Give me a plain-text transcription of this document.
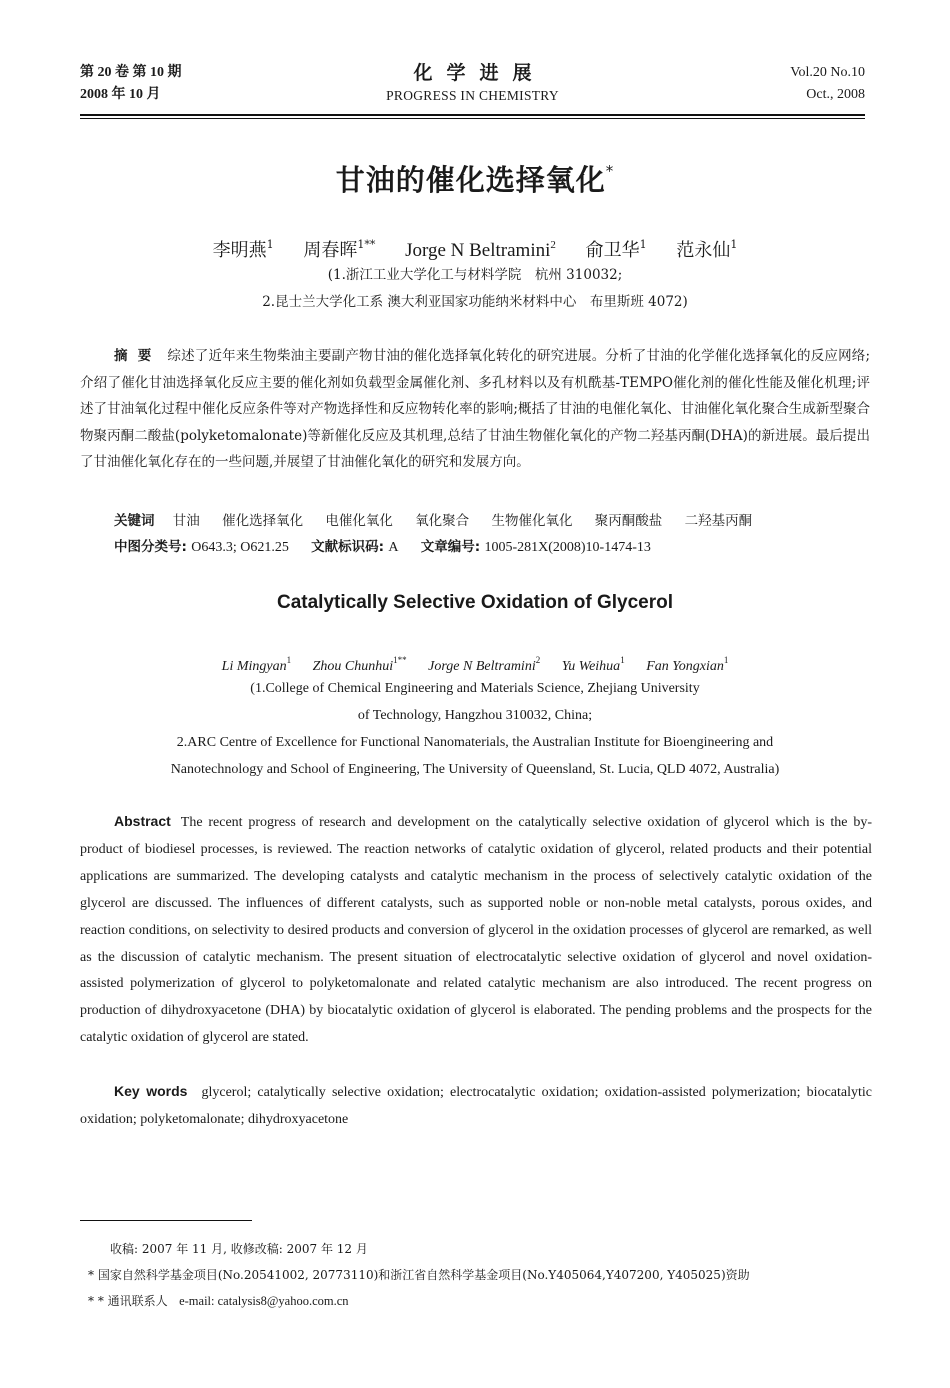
第 20 卷 第 10 期
2008 年 10 月
化学进展
PROGRESS IN CHEMISTRY
Vol.20 No.10
Oct., 2008
甘油的催化选择氧化*
李明燕$^1$ 周春晖$^{1**}$ Jorge N Beltramini$^2$ 俞卫华$^1$ 范永仙$^1$
(1.浙江工业大学化工与材料学院　杭州 310032;
2.昆士兰大学化工系 澳大利亚国家功能纳米材料中心　布里斯班 4072)
摘要 综述了近年来生物柴油主要副产物甘油的催化选择氧化转化的研究进展。分析了甘油的化学催化选择氧化的反应网络;介绍了催化甘油选择氧化反应主要的催化剂如负载型金属催化剂、多孔材料以及有机酰基-TEMPO催化剂的催化性能及催化机理;评述了甘油氧化过程中催化反应条件等对产物选择性和反应物转化率的影响;概括了甘油的电催化氧化、甘油催化氧化聚合生成新型聚合物聚丙酮二酸盐(polyketomalonate)等新催化反应及其机理,总结了甘油生物催化氧化的产物二羟基丙酮(DHA)的新进展。最后提出了甘油催化氧化存在的一些问题,并展望了甘油催化氧化的研究和发展方向。
关键词 甘油 催化选择氧化 电催化氧化 氧化聚合 生物催化氧化 聚丙酮酸盐 二羟基丙酮
中图分类号: O643.3; O621.25 文献标识码: A 文章编号: 1005-281X(2008)10-1474-13
Catalytically Selective Oxidation of Glycerol
Li Mingyan$^1$ Zhou Chunhui$^{1**}$ Jorge N Beltramini$^2$ Yu Weihua$^1$ Fan Yongxian$^1$
(1.College of Chemical Engineering and Materials Science, Zhejiang University
of Technology, Hangzhou 310032, China;
2.ARC Centre of Excellence for Functional Nanomaterials, the Australian Institute for Bioengineering and
Nanotechnology and School of Engineering, The University of Queensland, St. Lucia, QLD 4072, Australia)
Abstract The recent progress of research and development on the catalytically selective oxidation of glycerol which is the by-product of biodiesel processes, is reviewed. The reaction networks of catalytic oxidation of glycerol, related products and their potential applications are summarized. The developing catalysts and catalytic mechanism in the process of selectively catalytic oxidation of the glycerol are discussed. The influences of different catalysts, such as supported noble or non-noble metal catalysts, porous oxides, and reaction conditions, on selectivity to desired products and conversion of glycerol in the oxidation processes of glycerol are remarked, as well as the discussion of catalytic mechanism. The present situation of electrocatalytic selective oxidation of glycerol and novel oxidation-assisted polymerization of glycerol to polyketomalonate and related catalytic mechanism are also introduced. The recent progress on production of dihydroxyacetone (DHA) by biocatalytic oxidation of glycerol is elaborated. The pending problems and the prospects for the catalytic oxidation of glycerol are stated.
Key words glycerol; catalytically selective oxidation; electrocatalytic oxidation; oxidation-assisted polymerization; biocatalytic oxidation; polyketomalonate; dihydroxyacetone
收稿: 2007 年 11 月, 收修改稿: 2007 年 12 月
* 国家自然科学基金项目(No.20541002, 20773110)和浙江省自然科学基金项目(No.Y405064,Y407200, Y405025)资助
* * 通讯联系人 e-mail: catalysis8@yahoo.com.cn
